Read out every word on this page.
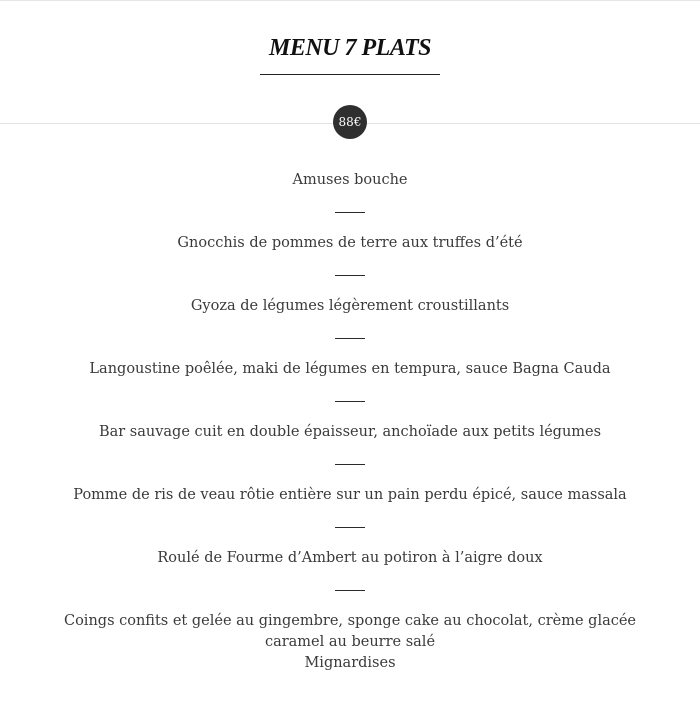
MENU 7 PLATS
88€
Amuses bouche
Gnocchis de pommes de terre aux truffes d’été
Gyoza de légumes légèrement croustillants
Langoustine poêlée, maki de légumes en tempura, sauce Bagna Cauda
Bar sauvage cuit en double épaisseur, anchoïade aux petits légumes
Pomme de ris de veau rôtie entière sur un pain perdu épicé, sauce massala
Roulé de Fourme d’Ambert au potiron à l’aigre doux
Coings confits et gelée au gingembre, sponge cake au chocolat, crème glacée caramel au beurre salé
Mignardises
